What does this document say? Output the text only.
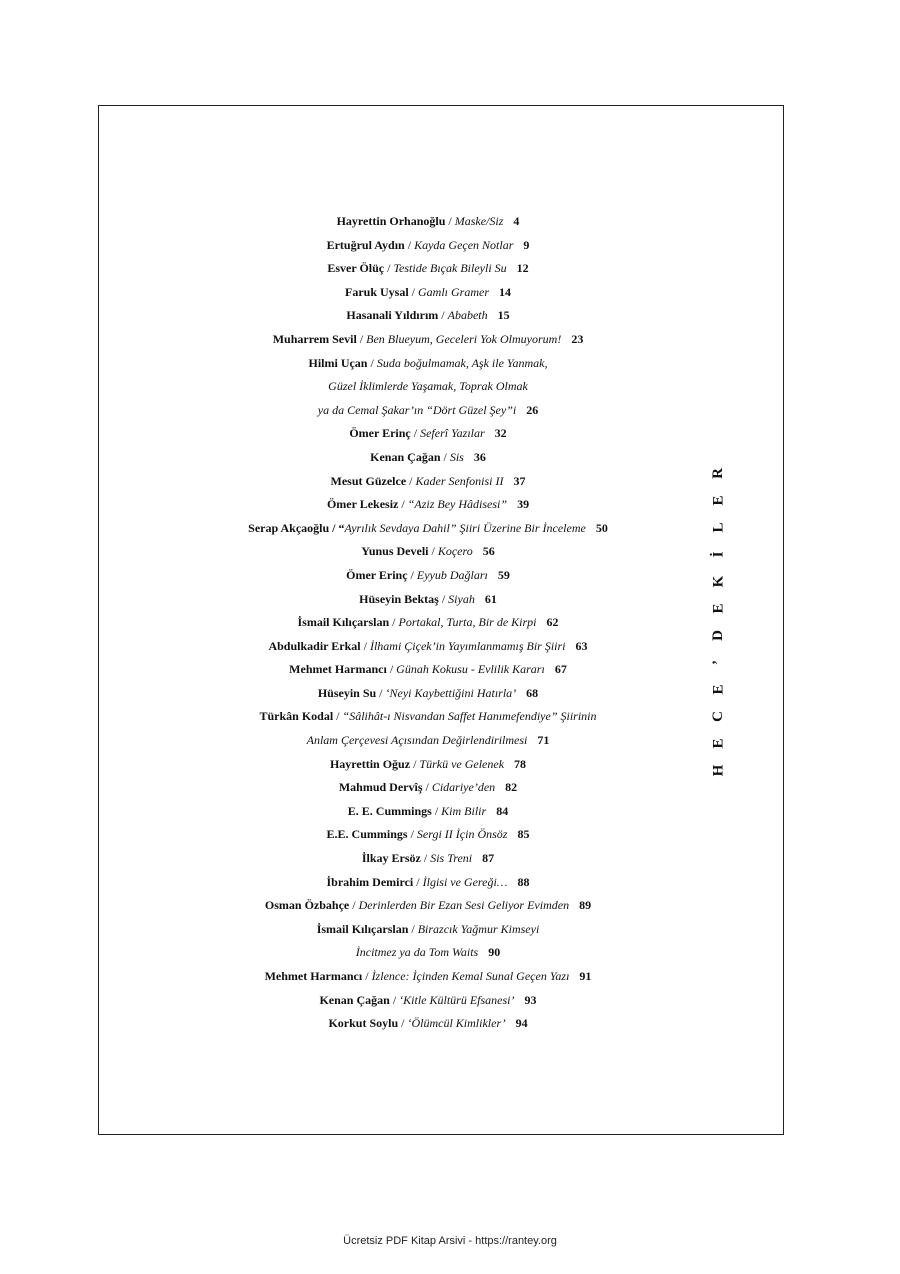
Hayrettin Orhanoğlu / Maske/Siz 4
Ertuğrul Aydın / Kayda Geçen Notlar 9
Esver Ölüç / Testide Bıçak Bileyli Su 12
Faruk Uysal / Gamlı Gramer 14
Hasanali Yıldırım / Ababeth 15
Muharrem Sevil / Ben Blueyum, Geceleri Yok Olmuyorum! 23
Hilmi Uçan / Suda boğulmamak, Aşk ile Yanmak,
Güzel İklimlerde Yaşamak, Toprak Olmak
ya da Cemal Şakar’ın “Dört Güzel Şey”i 26
Ömer Erinç / Seferî Yazılar 32
Kenan Çağan / Sis 36
Mesut Güzelce / Kader Senfonisi II 37
Ömer Lekesiz / “Aziz Bey Hâdisesi” 39
Serap Akçaoğlu / “Ayrılık Sevdaya Dahil” Şiiri Üzerine Bir İnceleme 50
Yunus Develi / Koçero 56
Ömer Erinç / Eyyub Dağları 59
Hüseyin Bektaş / Siyah 61
İsmail Kılıçarslan / Portakal, Turta, Bir de Kirpi 62
Abdulkadir Erkal / İlhami Çiçek’in Yayımlanmamış Bir Şiiri 63
Mehmet Harmancı / Günah Kokusu - Evlilik Kararı 67
Hüseyin Su / ‘Neyi Kaybettiğini Hatırla’ 68
Türkân Kodal / “Sâlihât-ı Nisvandan Saffet Hanımefendiye” Şiirinin
Anlam Çerçevesi Açısından Değirlendirilmesi 71
Hayrettin Oğuz / Türkü ve Gelenek 78
Mahmud Dervîş / Cidariye’den 82
E. E. Cummings / Kim Bilir 84
E.E. Cummings / Sergi II İçin Önsöz 85
İlkay Ersöz / Sis Treni 87
İbrahim Demirci / İlgisi ve Gereği… 88
Osman Özbahçe / Derinlerden Bir Ezan Sesi Geliyor Evimden 89
İsmail Kılıçarslan / Birazcık Yağmur Kimseyi
İncitmez ya da Tom Waits 90
Mehmet Harmancı / İzlence: İçinden Kemal Sunal Geçen Yazı 91
Kenan Çağan / ‘Kitle Kültürü Efsanesi’ 93
Korkut Soylu / ‘Ölümcül Kimlikler’ 94
R
E
L
İ
K
E
D
’
E
C
E
H
Ücretsiz PDF Kitap Arsivi - https://rantey.org
